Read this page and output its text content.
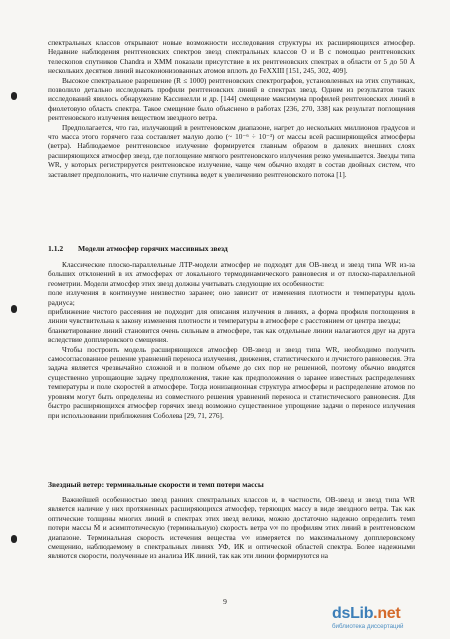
спектральных классов открывают новые возможности исследования структуры их расширяющихся атмосфер. Недавние наблюдения рентгеновских спектров звезд спектральных классов O и B с помощью рентгеновских телескопов спутников Chandra и XMM показали присутствие в их рентгеновских спектрах в области от 5 до 50 Å нескольких десятков линий высокоионизованных атомов вплоть до FeXXIII [151, 245, 302, 409].

Высокое спектральное разрешение (R ≤ 1000) рентгеновских спектрографов, установленных на этих спутниках, позволило детально исследовать профили рентгеновских линий в спектрах звезд. Одним из результатов таких исследований явилось обнаружение Кассинелли и др. [144] смещение максимума профилей рентгеновских линий в фиолетовую область спектра. Такое смещение было объяснено в работах [236, 270, 338] как результат поглощения рентгеновского излучения веществом звездного ветра.

Предполагается, что газ, излучающий в рентгеновском диапазоне, нагрет до нескольких миллионов градусов и что масса этого горячего газа составляет малую долю (~ 10⁻⁶ ÷ 10⁻³) от массы всей расширяющейся атмосферы (ветра). Наблюдаемое рентгеновское излучение формируется главным образом в далеких внешних слоях расширяющихся атмосфер звезд, где поглощение мягкого рентгеновского излучения резко уменьшается. Звезды типа WR, у которых регистрируется рентгеновское излучение, чаще чем обычно входят в состав двойных систем, что заставляет предположить, что наличие спутника ведет к увеличению рентгеновского потока [1].

1.1.2 Модели атмосфер горячих массивных звезд

Классические плоско-параллельные ЛТР-модели атмосфер не подходят для ОВ-звезд и звезд типа WR из-за больших отклонений в их атмосферах от локального термодинамического равновесия и от плоско-параллельной геометрии. Модели атмосфер этих звезд должны учитывать следующие их особенности:

поле излучения в континууме неизвестно заранее; оно зависит от изменения плотности и температуры вдоль радиуса;

приближение чистого рассеяния не подходит для описания излучения в линиях, а форма профиля поглощения в линии чувствительна к закону изменения плотности и температуры в атмосфере с расстоянием от центра звезды;

бланкетирование линий становится очень сильным в атмосфере, так как отдельные линии налагаются друг на друга вследствие допплеровского смещения.

Чтобы построить модель расширяющихся атмосфер ОВ-звезд и звезд типа WR, необходимо получить самосогласованное решение уравнений переноса излучения, движения, статистического и лучистого равновесия. Эта задача является чрезвычайно сложной и в полном объеме до сих пор не решенной, поэтому обычно вводятся существенно упрощающие задачу предположения, такие как предположения о заранее известных распределениях температуры и поле скоростей в атмосфере. Тогда ионизационная структура атмосферы и распределение атомов по уровням могут быть определены из совместного решения уравнений переноса и статистического равновесия. Для быстро расширяющихся атмосфер горячих звезд возможно существенное упрощение задачи о переносе излучения при использовании приближения Соболева [29, 71, 276].

Звездный ветер: терминальные скорости и темп потери массы

Важнейшей особенностью звезд ранних спектральных классов и, в частности, ОВ-звезд и звезд типа WR является наличие у них протяженных расширяющихся атмосфер, теряющих массу в виде звездного ветра. Так как оптические толщины многих линий в спектрах этих звезд велики, можно достаточно надежно определить темп потери массы Ṁ и асимптотическую (терминальную) скорость ветра v∞ по профилям этих линий в рентгеновском диапазоне. Терминальная скорость истечения вещества v∞ измеряется по максимальному допплеровскому смещению, наблюдаемому в спектральных линиях УФ, ИК и оптической областей спектра. Более надежными являются скорости, полученные из анализа ИК линий, так как эти линии формируются на

9
dsLib.net
библиотека диссертаций
